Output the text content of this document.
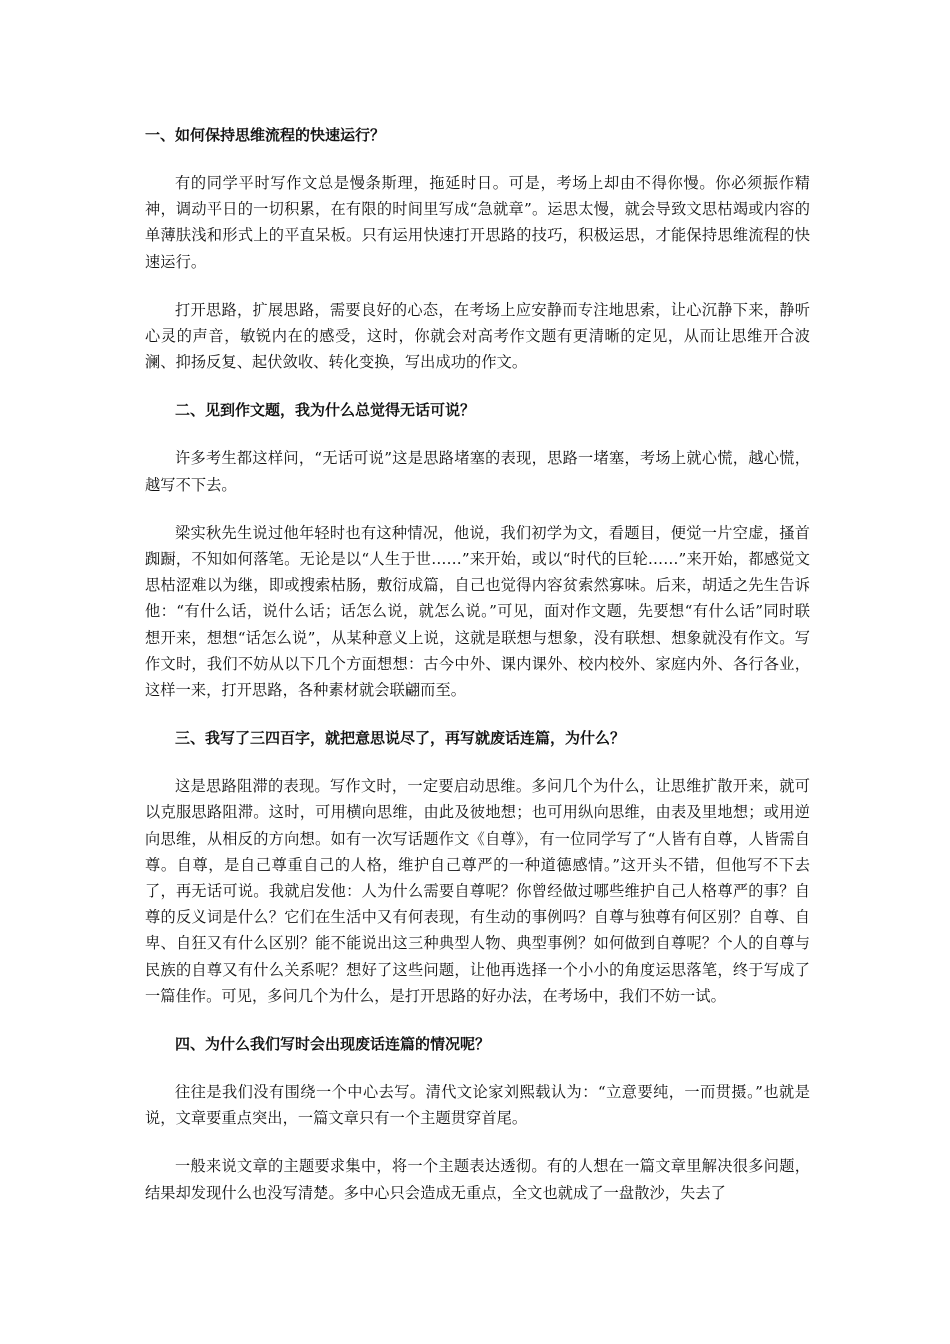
一、如何保持思维流程的快速运行？

有的同学平时写作文总是慢条斯理，拖延时日。可是，考场上却由不得你慢。你必须振作精神，调动平日的一切积累，在有限的时间里写成“急就章”。运思太慢，就会导致文思枯竭或内容的单薄肤浅和形式上的平直呆板。只有运用快速打开思路的技巧，积极运思，才能保持思维流程的快速运行。

打开思路，扩展思路，需要良好的心态，在考场上应安静而专注地思索，让心沉静下来，静听心灵的声音，敏锐内在的感受，这时，你就会对高考作文题有更清晰的定见，从而让思维开合波澜、抑扬反复、起伏敛收、转化变换，写出成功的作文。

二、见到作文题，我为什么总觉得无话可说？

许多考生都这样问，“无话可说”这是思路堵塞的表现，思路一堵塞，考场上就心慌，越心慌，越写不下去。

梁实秋先生说过他年轻时也有这种情况，他说，我们初学为文，看题目，便觉一片空虚，搔首踟蹰，不知如何落笔。无论是以“人生于世……”来开始，或以“时代的巨轮……”来开始，都感觉文思枯涩难以为继，即或搜索枯肠，敷衍成篇，自己也觉得内容贫索然寡味。后来，胡适之先生告诉他：“有什么话，说什么话；话怎么说，就怎么说。”可见，面对作文题，先要想“有什么话”同时联想开来，想想“话怎么说”，从某种意义上说，这就是联想与想象，没有联想、想象就没有作文。写作文时，我们不妨从以下几个方面想想：古今中外、课内课外、校内校外、家庭内外、各行各业，这样一来，打开思路，各种素材就会联翩而至。

三、我写了三四百字，就把意思说尽了，再写就废话连篇，为什么？

这是思路阻滞的表现。写作文时，一定要启动思维。多问几个为什么，让思维扩散开来，就可以克服思路阻滞。这时，可用横向思维，由此及彼地想；也可用纵向思维，由表及里地想；或用逆向思维，从相反的方向想。如有一次写话题作文《自尊》，有一位同学写了“人皆有自尊，人皆需自尊。自尊，是自己尊重自己的人格，维护自己尊严的一种道德感情。”这开头不错，但他写不下去了，再无话可说。我就启发他：人为什么需要自尊呢？你曾经做过哪些维护自己人格尊严的事？自尊的反义词是什么？它们在生活中又有何表现，有生动的事例吗？自尊与独尊有何区别？自尊、自卑、自狂又有什么区别？能不能说出这三种典型人物、典型事例？如何做到自尊呢？个人的自尊与民族的自尊又有什么关系呢？想好了这些问题，让他再选择一个小小的角度运思落笔，终于写成了一篇佳作。可见，多问几个为什么，是打开思路的好办法，在考场中，我们不妨一试。

四、为什么我们写时会出现废话连篇的情况呢？

往往是我们没有围绕一个中心去写。清代文论家刘熙载认为：“立意要纯，一而贯摄。”也就是说，文章要重点突出，一篇文章只有一个主题贯穿首尾。

一般来说文章的主题要求集中，将一个主题表达透彻。有的人想在一篇文章里解决很多问题，结果却发现什么也没写清楚。多中心只会造成无重点，全文也就成了一盘散沙，失去了
